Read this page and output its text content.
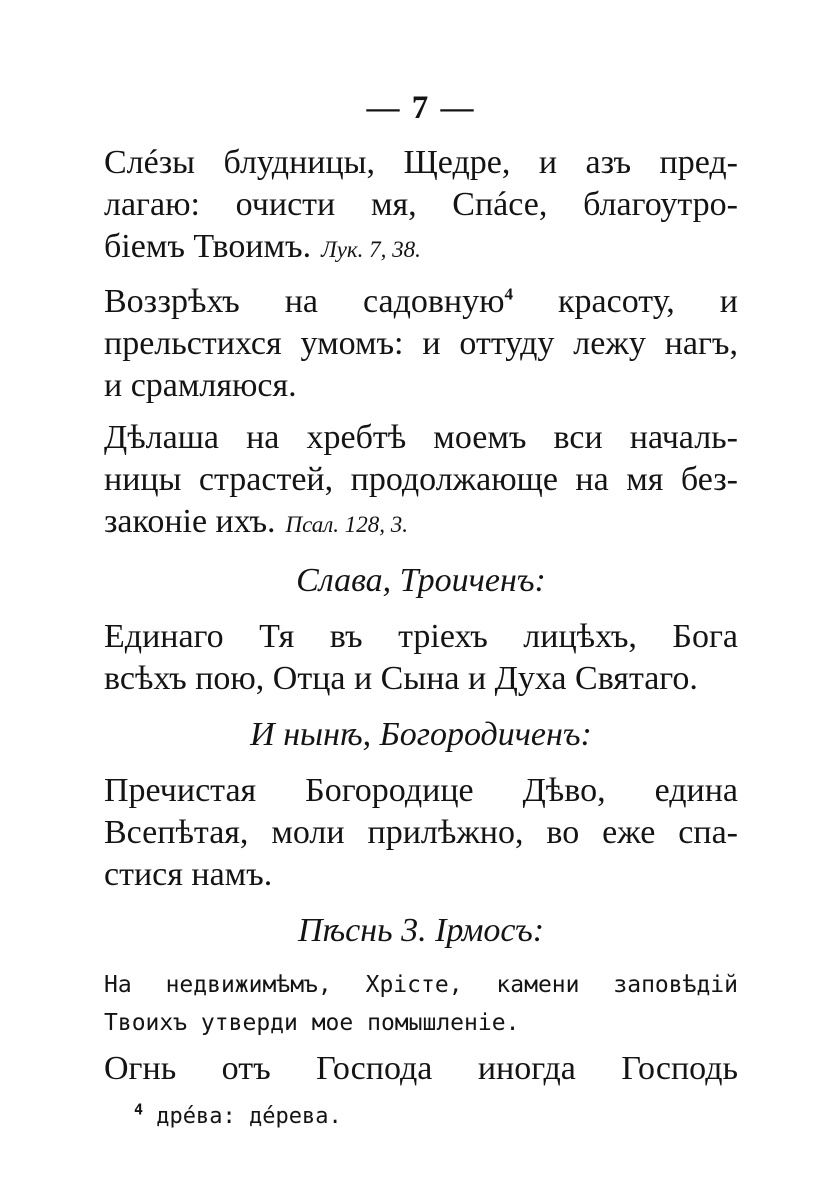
— 7 —
Слéзы блудницы, Щедре, и азъ пред-
лагаю: очисти мя, Спáсе, благоутро-
біемъ Твоимъ. Лук. 7, 38.
Воззрѣхъ на садовную$^4$ красоту, и
прельстихся умомъ: и оттуду лежу нагъ,
и срамляюся.
Дѣлаша на хребтѣ моемъ вси началь-
ницы страстей, продолжающе на мя без-
законіе ихъ. Псал. 128, 3.
Слава, Троиченъ:
Единаго Тя въ тріехъ лицѣхъ, Бога
всѣхъ пою, Отца и Сына и Духа Святаго.
И нынѣ, Богородиченъ:
Пречистая Богородице Дѣво, едина
Всепѣтая, моли прилѣжно, во еже спа-
стися намъ.
Пѣснь 3. Ірмосъ:
На недвижимѣмъ, Хрісте, камени заповѣдій
Твоихъ утверди мое помышленіе.
Огнь отъ Господа иногда Господь
$^4$ дрéва: дéрева.
